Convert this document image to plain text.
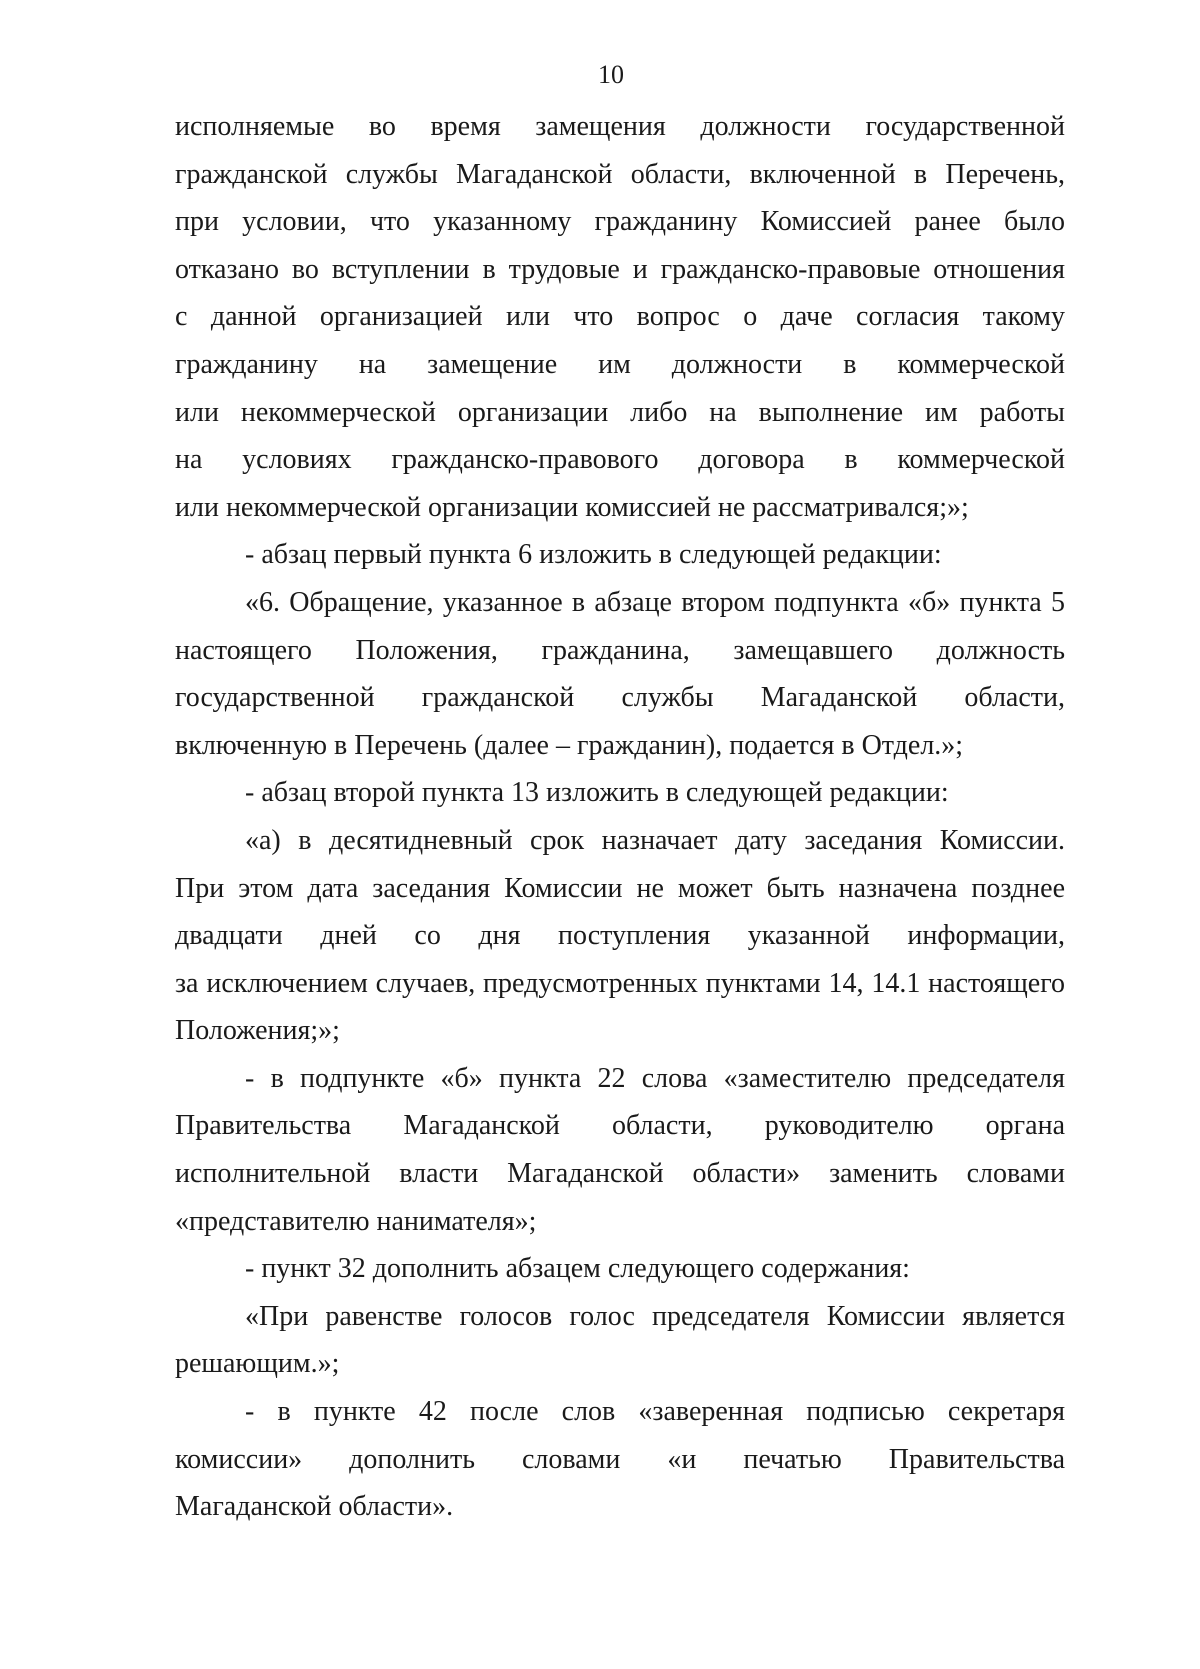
10
исполняемые во время замещения должности государственной
гражданской службы Магаданской области, включенной в Перечень,
при условии, что указанному гражданину Комиссией ранее было
отказано во вступлении в трудовые и гражданско-правовые отношения
с данной организацией или что вопрос о даче согласия такому
гражданину на замещение им должности в коммерческой
или некоммерческой организации либо на выполнение им работы
на условиях гражданско-правового договора в коммерческой
или некоммерческой организации комиссией не рассматривался;»;
- абзац первый пункта 6 изложить в следующей редакции:
«6. Обращение, указанное в абзаце втором подпункта «б» пункта 5
настоящего Положения, гражданина, замещавшего должность
государственной гражданской службы Магаданской области,
включенную в Перечень (далее – гражданин), подается в Отдел.»;
- абзац второй пункта 13 изложить в следующей редакции:
«а) в десятидневный срок назначает дату заседания Комиссии.
При этом дата заседания Комиссии не может быть назначена позднее
двадцати дней со дня поступления указанной информации,
за исключением случаев, предусмотренных пунктами 14, 14.1 настоящего
Положения;»;
- в подпункте «б» пункта 22 слова «заместителю председателя
Правительства Магаданской области, руководителю органа
исполнительной власти Магаданской области» заменить словами
«представителю нанимателя»;
- пункт 32 дополнить абзацем следующего содержания:
«При равенстве голосов голос председателя Комиссии является
решающим.»;
- в пункте 42 после слов «заверенная подписью секретаря
комиссии» дополнить словами «и печатью Правительства
Магаданской области».
